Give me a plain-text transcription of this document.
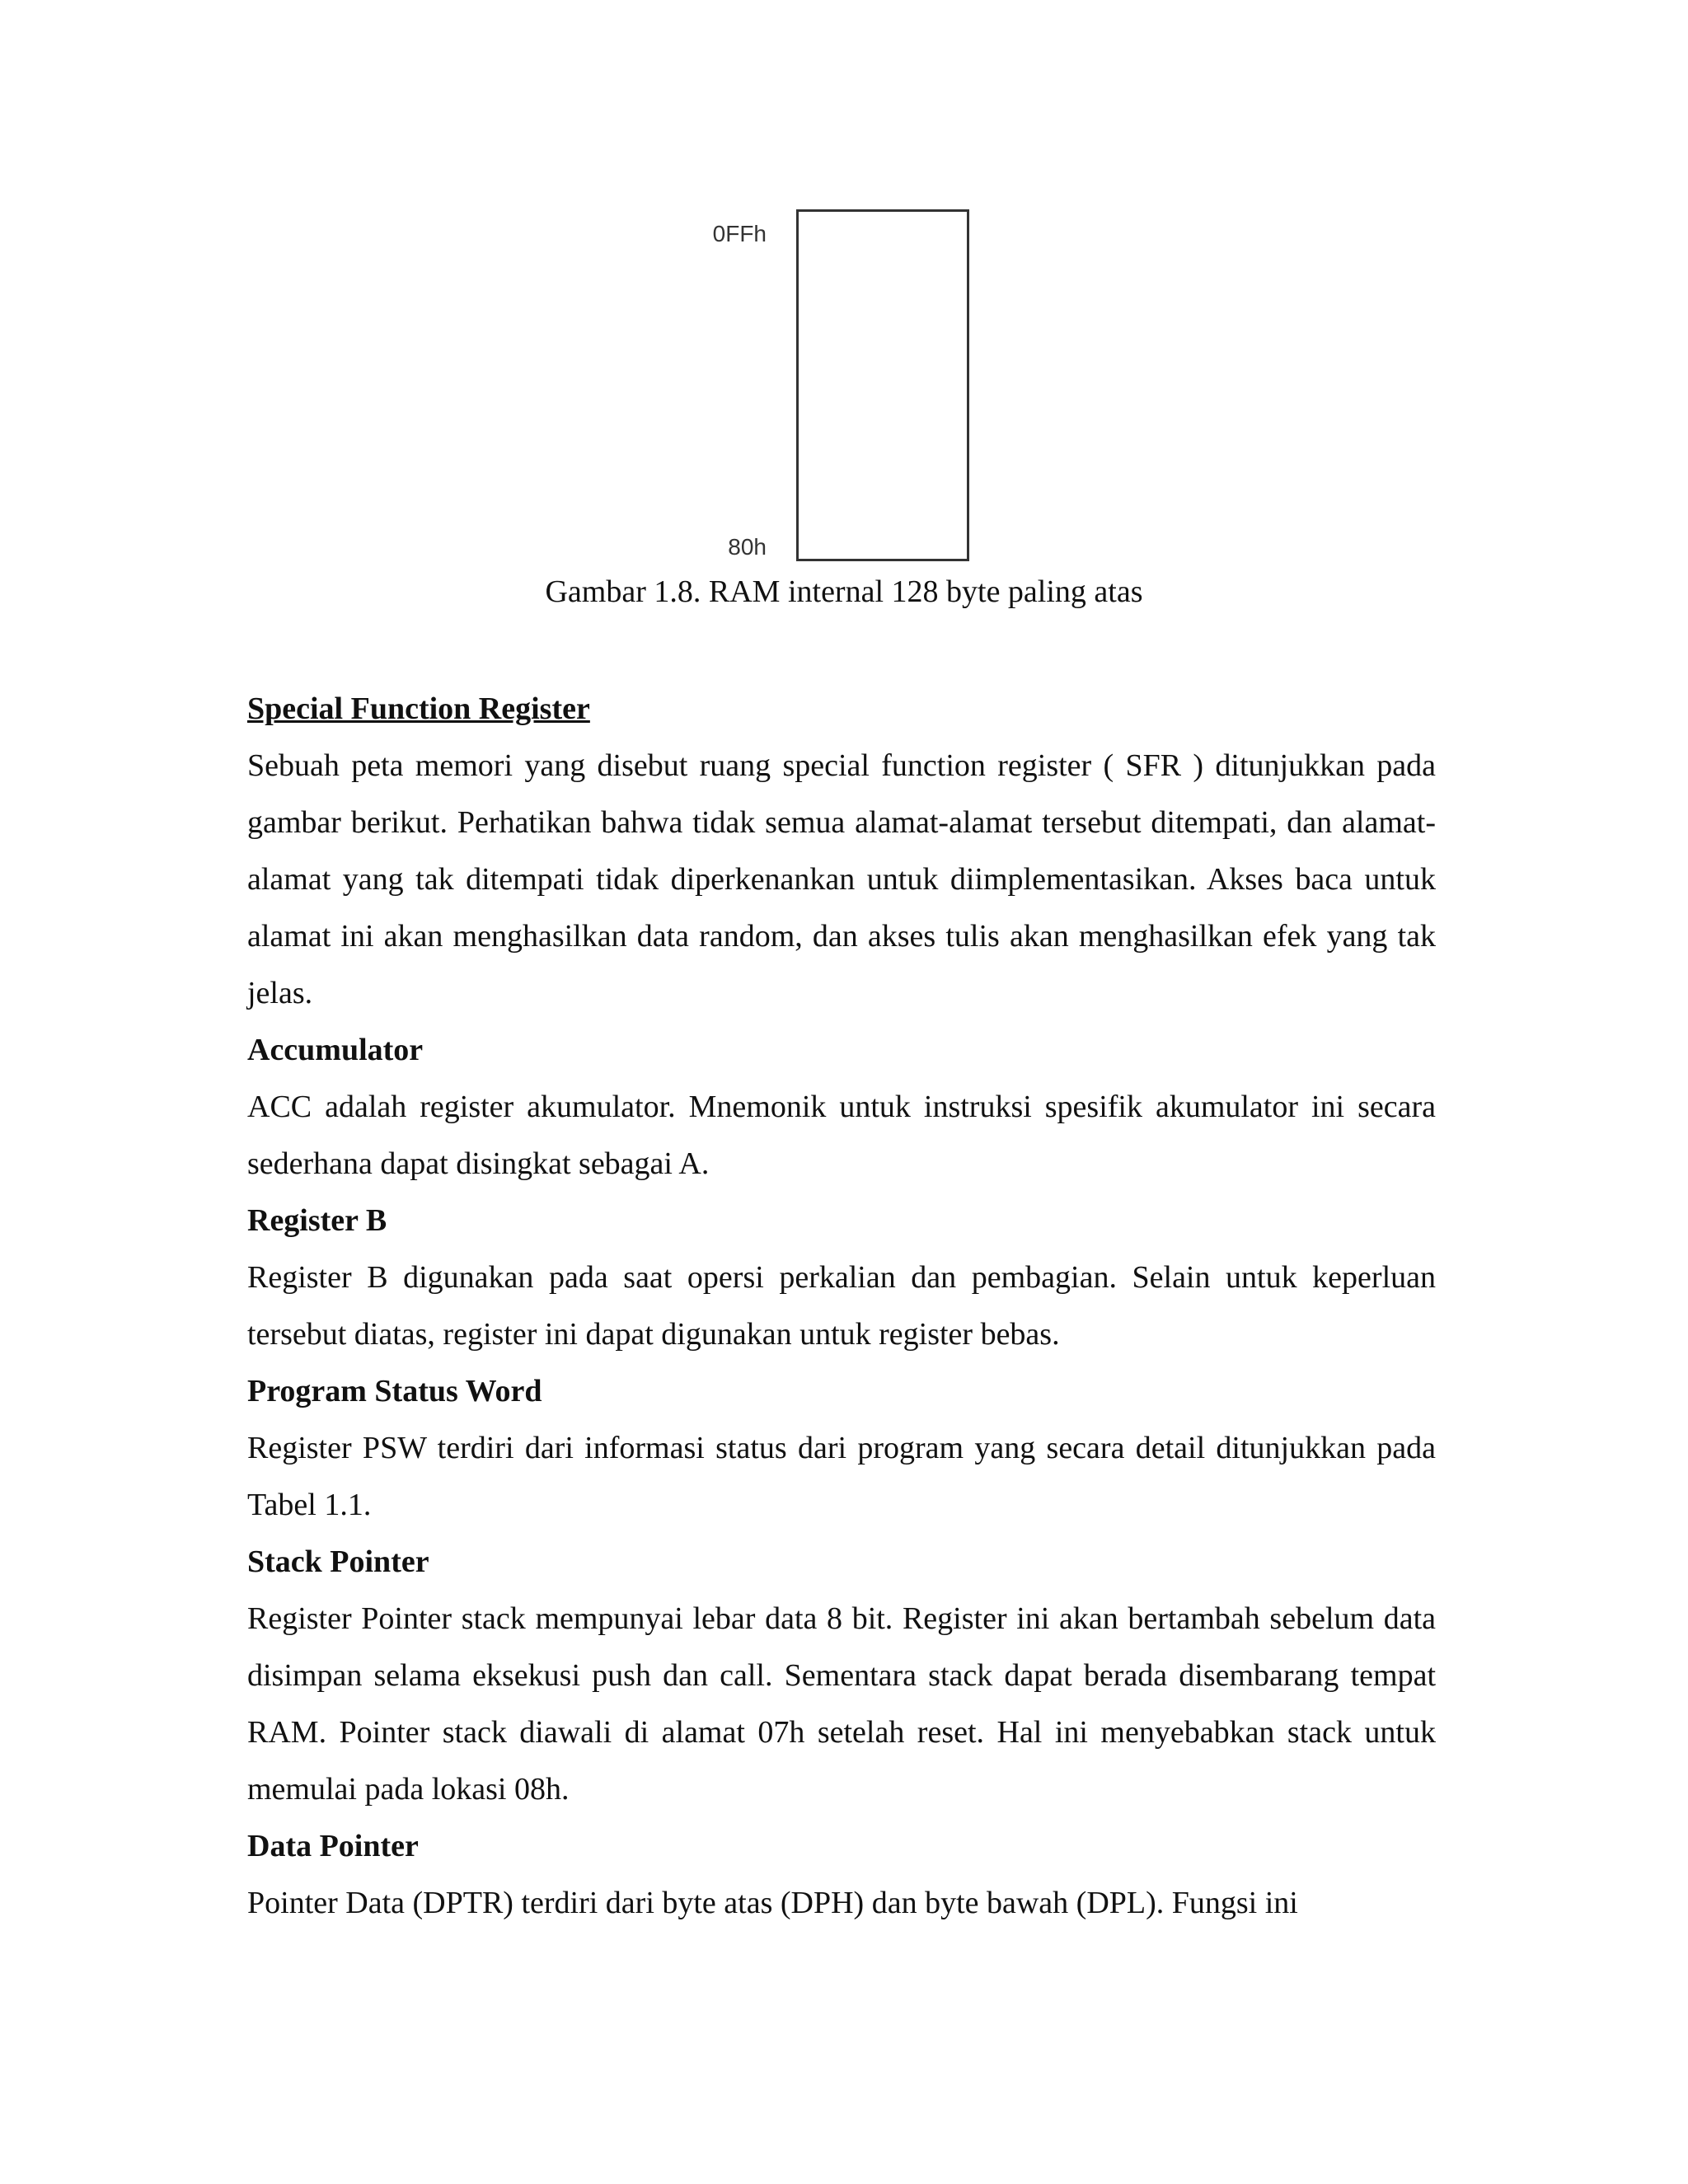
0FFh
80h
Gambar 1.8. RAM internal 128 byte paling atas

Special Function Register

Sebuah peta memori yang disebut ruang special function register ( SFR ) ditunjukkan pada gambar berikut. Perhatikan bahwa tidak semua alamat-alamat tersebut ditempati, dan alamat-alamat yang tak ditempati tidak diperkenankan untuk diimplementasikan. Akses baca untuk alamat ini akan menghasilkan data random, dan akses tulis akan menghasilkan efek yang tak jelas.

Accumulator

ACC adalah register akumulator. Mnemonik untuk instruksi spesifik akumulator ini secara sederhana dapat disingkat sebagai A.

Register B

Register B digunakan pada saat opersi perkalian dan pembagian. Selain untuk keperluan tersebut diatas, register ini dapat digunakan untuk register bebas.

Program Status Word

Register PSW terdiri dari informasi status dari program yang secara detail ditunjukkan pada Tabel 1.1.

Stack Pointer

Register Pointer stack mempunyai lebar data 8 bit. Register ini akan bertambah sebelum data disimpan selama eksekusi push dan call. Sementara stack dapat berada disembarang tempat RAM. Pointer stack diawali di alamat 07h setelah reset. Hal ini menyebabkan stack untuk memulai pada lokasi 08h.

Data Pointer

Pointer Data (DPTR) terdiri dari byte atas (DPH) dan byte bawah (DPL). Fungsi ini
